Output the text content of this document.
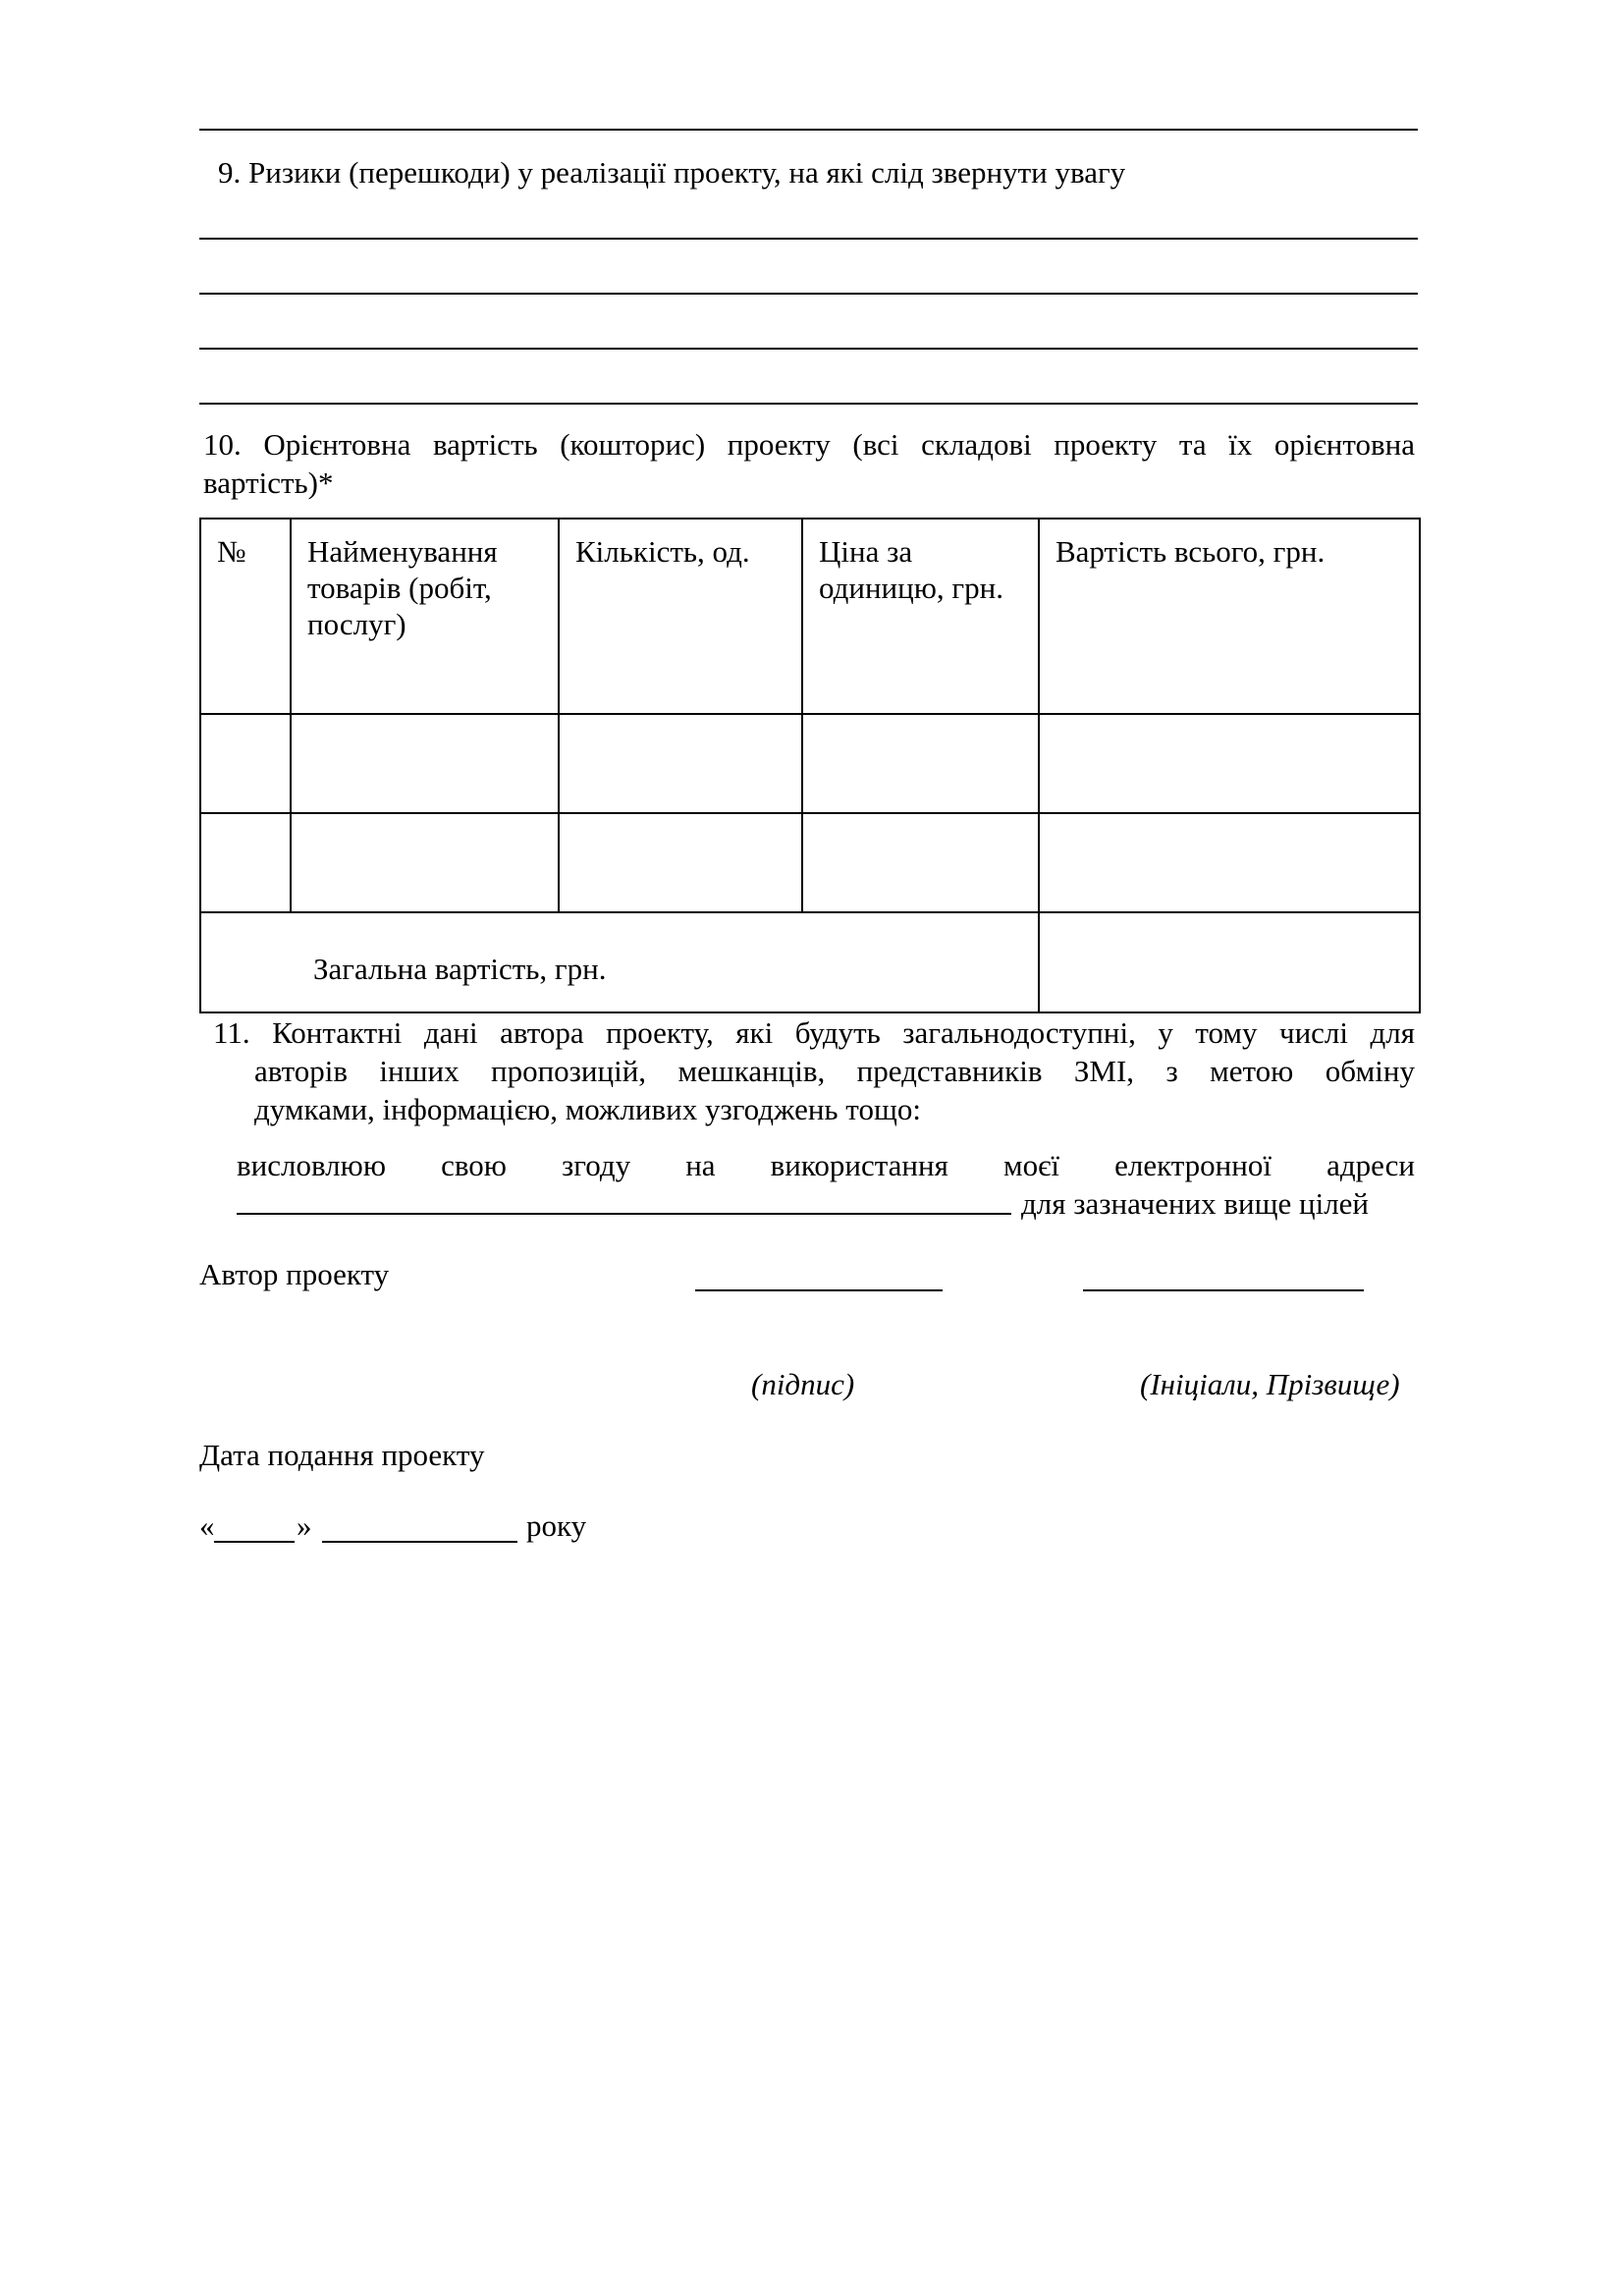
9. Ризики (перешкоди) у реалізації проекту, на які слід звернути увагу
10. Орієнтовна вартість (кошторис) проекту (всі складові проекту та їх орієнтовна
вартість)*
№	Найменування товарів (робіт, послуг)	Кількість, од.	Ціна за одиницю, грн.	Вартість всього, грн.

Загальна вартість, грн.				
11. Контактні дані автора проекту, які будуть загальнодоступні, у тому числі для
авторів інших пропозицій, мешканців, представників ЗМІ, з метою обміну
думками, інформацією, можливих узгоджень тощо:
висловлюю свою згоду на використання моєї електронної адреси
для зазначених вище цілей
Автор проекту
(підпис)	(Ініціали, Прізвище)
Дата подання проекту
«	»	року
